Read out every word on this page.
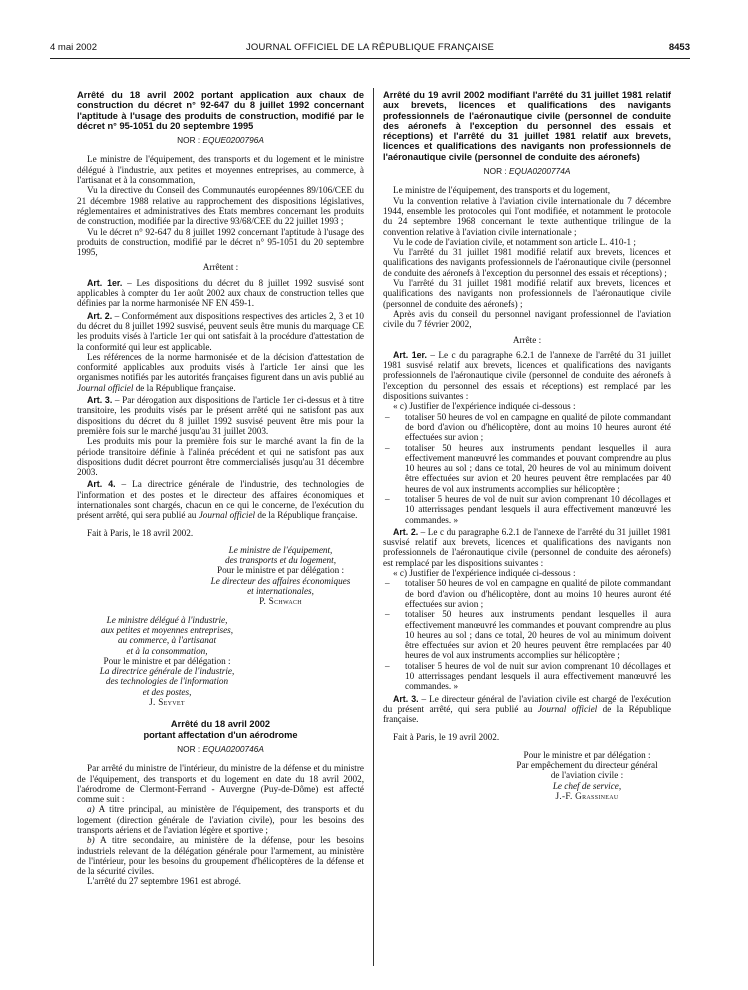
4 mai 2002	JOURNAL OFFICIEL DE LA RÉPUBLIQUE FRANÇAISE	8453
Arrêté du 18 avril 2002 portant application aux chaux de construction du décret n° 92-647 du 8 juillet 1992 concernant l'aptitude à l'usage des produits de construction, modifié par le décret n° 95-1051 du 20 septembre 1995
NOR : EQUE0200796A

Le ministre de l'équipement, des transports et du logement et le ministre délégué à l'industrie, aux petites et moyennes entreprises, au commerce, à l'artisanat et à la consommation,

Vu la directive du Conseil des Communautés européennes 89/106/CEE du 21 décembre 1988 relative au rapprochement des dispositions législatives, réglementaires et administratives des Etats membres concernant les produits de construction, modifiée par la directive 93/68/CEE du 22 juillet 1993 ;

Vu le décret n° 92-647 du 8 juillet 1992 concernant l'aptitude à l'usage des produits de construction, modifié par le décret n° 95-1051 du 20 septembre 1995,

Arrêtent :

Art. 1er. – Les dispositions du décret du 8 juillet 1992 susvisé sont applicables à compter du 1er août 2002 aux chaux de construction telles que définies par la norme harmonisée NF EN 459-1.

Art. 2. – Conformément aux dispositions respectives des articles 2, 3 et 10 du décret du 8 juillet 1992 susvisé, peuvent seuls être munis du marquage CE les produits visés à l'article 1er qui ont satisfait à la procédure d'attestation de la conformité qui leur est applicable.

Les références de la norme harmonisée et de la décision d'attestation de conformité applicables aux produits visés à l'article 1er ainsi que les organismes notifiés par les autorités françaises figurent dans un avis publié au Journal officiel de la République française.

Art. 3. – Par dérogation aux dispositions de l'article 1er ci-dessus et à titre transitoire, les produits visés par le présent arrêté qui ne satisfont pas aux dispositions du décret du 8 juillet 1992 susvisé peuvent être mis pour la première fois sur le marché jusqu'au 31 juillet 2003.

Les produits mis pour la première fois sur le marché avant la fin de la période transitoire définie à l'alinéa précédent et qui ne satisfont pas aux dispositions dudit décret pourront être commercialisés jusqu'au 31 décembre 2003.

Art. 4. – La directrice générale de l'industrie, des technologies de l'information et des postes et le directeur des affaires économiques et internationales sont chargés, chacun en ce qui le concerne, de l'exécution du présent arrêté, qui sera publié au Journal officiel de la République française.

Fait à Paris, le 18 avril 2002.

Le ministre de l'équipement,
des transports et du logement,
Pour le ministre et par délégation :
Le directeur des affaires économiques
et internationales,
P. Schwach
Le ministre délégué à l'industrie,
aux petites et moyennes entreprises,
au commerce, à l'artisanat
et à la consommation,
Pour le ministre et par délégation :
La directrice générale de l'industrie,
des technologies de l'information
et des postes,
J. Seyvet
Arrêté du 18 avril 2002
portant affectation d'un aérodrome
NOR : EQUA0200746A

Par arrêté du ministre de l'intérieur, du ministre de la défense et du ministre de l'équipement, des transports et du logement en date du 18 avril 2002, l'aérodrome de Clermont-Ferrand - Auvergne (Puy-de-Dôme) est affecté comme suit :

a) A titre principal, au ministère de l'équipement, des transports et du logement (direction générale de l'aviation civile), pour les besoins des transports aériens et de l'aviation légère et sportive ;

b) A titre secondaire, au ministère de la défense, pour les besoins industriels relevant de la délégation générale pour l'armement, au ministère de l'intérieur, pour les besoins du groupement d'hélicoptères de la défense et de la sécurité civiles.

L'arrêté du 27 septembre 1961 est abrogé.

Arrêté du 19 avril 2002 modifiant l'arrêté du 31 juillet 1981 relatif aux brevets, licences et qualifications des navigants professionnels de l'aéronautique civile (personnel de conduite des aéronefs à l'exception du personnel des essais et réceptions) et l'arrêté du 31 juillet 1981 relatif aux brevets, licences et qualifications des navigants non professionnels de l'aéronautique civile (personnel de conduite des aéronefs)
NOR : EQUA0200774A

Le ministre de l'équipement, des transports et du logement,

Vu la convention relative à l'aviation civile internationale du 7 décembre 1944, ensemble les protocoles qui l'ont modifiée, et notamment le protocole du 24 septembre 1968 concernant le texte authentique trilingue de la convention relative à l'aviation civile internationale ;

Vu le code de l'aviation civile, et notamment son article L. 410-1 ;

Vu l'arrêté du 31 juillet 1981 modifié relatif aux brevets, licences et qualifications des navigants professionnels de l'aéronautique civile (personnel de conduite des aéronefs à l'exception du personnel des essais et réceptions) ;

Vu l'arrêté du 31 juillet 1981 modifié relatif aux brevets, licences et qualifications des navigants non professionnels de l'aéronautique civile (personnel de conduite des aéronefs) ;

Après avis du conseil du personnel navigant professionnel de l'aviation civile du 7 février 2002,

Arrête :

Art. 1er. – Le c du paragraphe 6.2.1 de l'annexe de l'arrêté du 31 juillet 1981 susvisé relatif aux brevets, licences et qualifications des navigants professionnels de l'aéronautique civile (personnel de conduite des aéronefs à l'exception du personnel des essais et réceptions) est remplacé par les dispositions suivantes :

« c) Justifier de l'expérience indiquée ci-dessous :

– totaliser 50 heures de vol en campagne en qualité de pilote commandant de bord d'avion ou d'hélicoptère, dont au moins 10 heures auront été effectuées sur avion ;
– totaliser 50 heures aux instruments pendant lesquelles il aura effectivement manœuvré les commandes et pouvant comprendre au plus 10 heures au sol ; dans ce total, 20 heures de vol au minimum doivent être effectuées sur avion et 20 heures peuvent être remplacées par 40 heures de vol aux instruments accomplies sur hélicoptère ;
– totaliser 5 heures de vol de nuit sur avion comprenant 10 décollages et 10 atterrissages pendant lesquels il aura effectivement manœuvré les commandes. »

Art. 2. – Le c du paragraphe 6.2.1 de l'annexe de l'arrêté du 31 juillet 1981 susvisé relatif aux brevets, licences et qualifications des navigants non professionnels de l'aéronautique civile (personnel de conduite des aéronefs) est remplacé par les dispositions suivantes :

« c) Justifier de l'expérience indiquée ci-dessous :

– totaliser 50 heures de vol en campagne en qualité de pilote commandant de bord d'avion ou d'hélicoptère, dont au moins 10 heures auront été effectuées sur avion ;
– totaliser 50 heures aux instruments pendant lesquelles il aura effectivement manœuvré les commandes et pouvant comprendre au plus 10 heures au sol ; dans ce total, 20 heures de vol au minimum doivent être effectuées sur avion et 20 heures peuvent être remplacées par 40 heures de vol aux instruments accomplies sur hélicoptère ;
– totaliser 5 heures de vol de nuit sur avion comprenant 10 décollages et 10 atterrissages pendant lesquels il aura effectivement manœuvré les commandes. »

Art. 3. – Le directeur général de l'aviation civile est chargé de l'exécution du présent arrêté, qui sera publié au Journal officiel de la République française.

Fait à Paris, le 19 avril 2002.

Pour le ministre et par délégation :
Par empêchement du directeur général
de l'aviation civile :
Le chef de service,
J.-F. Grassineau
